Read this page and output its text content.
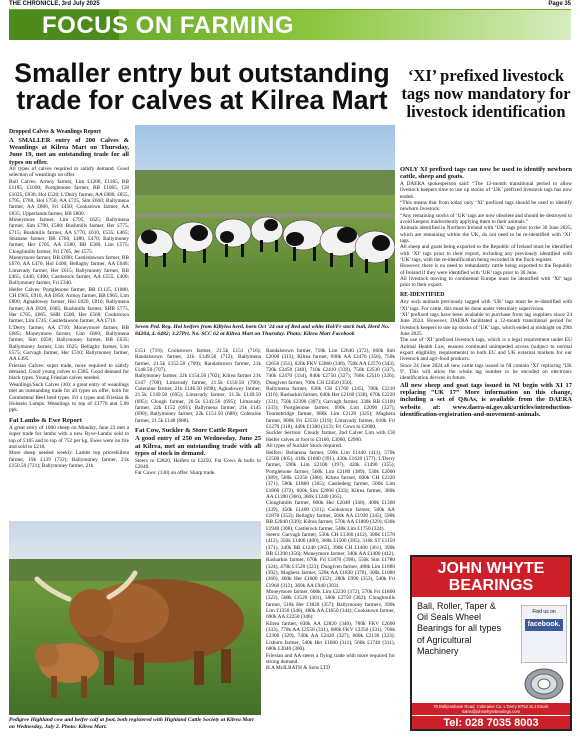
THE CHRONICLE, 3rd July 2025	Page 35
FOCUS ON FARMING
Smaller entry but outstanding trade for calves at Kilrea Mart

Dropped Calves & Weanlings Report

A SMALLER entry of 200 Calves & Weanlings at Kilrea Mart on Thursday, June 19, met an outstanding trade for all types on offer.

All types of calves required to satisfy demand. Good selection of weanlings on offer.

Bull Calves: Armoy farmer, Lim £1200, £1185, BB £1185, £1090; Portglenone farmer, BB £1065, CH £1025, £830; Hol £520; L'Derry farmer, AA £880, £855, £795, £760, Hol £750, AA £725, Sim £600; Ballymena farmer, AA £860, Fri £450; Cookstown farmer, AA £835; Upperlands farmer, BB £800.

Moneymore farmer, Lim £795, £625; Ballymena farmer, Sim £790, £580; Bushmills farmer, Her £775, £715; Bushmills farmer, AA £770, £610, £535, £465; Strabane farmer, BB £760, £480, £470; Ballymoney farmer, Her £705, AA £580, BB £580, Lim £575; Cloughmills farmer, Fri £705, Jer £575.

Moneymore farmer, BB £690; Castledawson farmer, BB £670, AA £470, Hol £400; Bellaghy farmer, AA £640; Limavady farmer, Her £615; Ballymoney farmer, BB £465, £440, £400; Castlerock farmer, AA £555, £400; Ballymoney farmer, Fri £340.

Heifer Calves: Portglenone farmer, BB £1125, £1080, CH £965, £910, AA £850; Armoy farmer, BB £965, Lim £800; Aghadowey farmer, Hol £820, £810; Ballymena farmer, AA £820, £685; Bushmills farmer, SHB £775, Her £705, £665, SHB £500, Her £560; Cookstown farmer, Lim £745; Castledawson farmer, AA £710.

L'Derry farmer, AA £710; Moneymore farmer, BB £685; Moneymore farmer, Lim £660; Ballymena farmer, Sim £650; Ballymoney farmer, BB £635; Ballymoney farmer, Lim £625; Bellaghy farmer, Lim £575; Garvagh farmer, Her £510; Ballymoney farmer, AA £495.

Friesian Calves: super trade, more required to satisfy demand. Good young calves to £385. Good demand for black types. Young Friesian calves needed.

Weanlings/Suck Calves (30): a great entry of weanlings met an outstanding trade for all types on offer, both for Continental Beef bred types. Fri x types and Friesian & Holstein Lumps. Weanlings to top of £1770 and 5.06 ppk.

Fat Lambs & Ewe Report

A great entry of 1000 sheep on Monday, June 23 met a super trade for lambs with a new Ryve-Lambs sold to top of £165 and to top of 752 per kg. Ewes were on fire and sold to £218.

More sheep needed weekly. Lambs top pricesKilrea farmer, 19k £139 (732); Ballymoney farmer, 21k £150.50 (721); Ballymoney farmer, 21k

Seven Ped. Reg. Hol heifers from Killylea herd, born Oct '24 out of Red and white Hol/Fr stock bull, Herd No. 84204, 4. 6482; 3.27Pri. No. SCC 62 at Kilrea Mart on Thursday. Photo: Kilrea Mart Facebook

£151 (719); Cookstown farmer, 21.5k £151 (716); Randalstown farmer, 21k £149.50 (712); Ballymena farmer, 21.5k £152.50 (709); Randalstown farmer, 21k £148.50 (707).

Ballymoney farmer, 22k £154.50 (702); Kilrea farmer 21k £147 (700); Limavady farmer, 21.5k £150.50 (700); Coleraine farmer, 21k £146.50 (698); Aghadowey farmer, 21.5k £149.50 (695); Limavady farmer, 21.5k £149.50 (695); Clough farmer, 20.5k £142.50 (695); Limavady farmer, 22k £152 (691); Ballymena farmer, 21k £145 (690); Ballymoney farmer, 22k £151.50 (688); Coleraine farmer, 21.5k £148 (688).

Fat Cow, Suckler & Store Cattle Report

A good entry of 250 on Wednesday, June 25 at Kilrea, met an outstanding trade with all types of stock in demand.

Steers to £2820, Heifers to £2250, Fat Cows & bulls to £2840.

Fat Cows: (130) on offer. Sharp trade.

Randalstown farmer, 710k Lim £2640 (372), 660k Sim £2000 (313); Kilrea farmer, 690k AA £2470 (358), 750k £2650 (351), 820k FKV £2860 (348), 750k AA £2570 (343), 720k £2450 (340), 710k £2410 (339), 750k £2530 (337), 740k £2470 (334), 840k £2750 (327); 760k £2510 (326); Dungiven farmer, 700k CH £2450 (350).

Ballymena farmer, 630k CH £1760 (345), 700k £2210 (316); Rasharkin farmer, 640k Her £2160 (338), 670k £2220 (331), 750k £2390 (307); Garvagh farmer, 330k BB £1100 (333); Portglenone farmer, 690k Lim £2090 (327); Toomebridge farmer, 680k Lim £2120 (325); Maghera farmer, 800k Fri £2550 (319); Limavady farmer, 810k Fri £1270 (318), 440k £1380 (313); Fri Cows to £2000.

Suckler Section: Cloudy farmer, 2nd Calver Lim with CH Heifer calves at foot to £3100, £3000, £2900.

All types of Suckler Stock required.

Heifers: Bellarena farmer, 590k Lim £1440 (411), 570k £1500 (405), 410k £1600 (391), 430k £1620 (377); L'Derry farmer, 590k Lim £2100 (397), 420k £1490 (355); Portglenone farmer, 560k Lim £2180 (389), 530k £2060 (389), 580k £2250 (388); Kilrea farmer, 600k CH £2320 (371), 580k £1880 (365); Castlederg farmer, 500k Lim £1860 (372), 600k Sim £2000 (333); Kilrea farmer, 380k AA £1390 (366), 380k £1240 (365).

Cloughmills farmer, 600k Her £2040 (340), 400k £1360 (339), 450k £1400 (311); Cookstown farmer, 560k AA £1870 (352); Bellaghy farmer, 560k AA £1930 (345), 590k BB £2040 (339); Kilrea farmer, 570k AA £1880 (329); 630k £1940 (308); Castlerock farmer, 540k Lim £1750 (324).

Steers: Garvagh farmer, 530k CH £1360 (412), 380k £1570 (412), 350k £1400 (400), 380k £1500 (395), 310k ST £1150 (371), 340k BB £1240 (365), 390k CH £1400 (361), 390k BB £1390 (356); Moneymore farmer, 340k AA £1400 (412).

Rasharkin farmer, 670k Fri £1870 (398), 550k Sim £1780 (324), 470k £1520 (323); Dungiven farmer, 480k Lim £1880 (392); Maghera farmer, 520k AA £1830 (370), 300k £1080 (360), 460k Her £1600 (352), 280k £990 (353), 540k Fri £1960 (312), 360k AA £940 (303).

Moneymore farmer, 600k Lim £2230 (372), 570k Fri £1800 (323), 500k £1520 (301), 580k £2750 (302); Cloughmills farmer, 510k Her £1820 (357); Ballymoney farmers, 390k Lim £1350 (346), 480k AA £1650 (344); Cookstown farmer, 690k AA £2250 (346).

Kilrea farmer, 830k AA £2820 (340), 780k FKV £2600 (333), 770k AA £2550 (331), 680k FKV £2250 (331), 700k £2300 (329), 740k AA £2420 (327), 660k £2130 (323); Lisburn farmer, 540k Her £1680 (311), 560k £1740 (311), 680k £2040 (300).

Friesian and AA steers a flying trade with more required for strong demand.

H.A McILRATH & Sons LTD

Pedigree Highland cow and heifer calf at foot, both registered with Highland Cattle Society at Kilrea Mart on Wednesday, July 2. Photo: Kilrea Mart.
‘XI’ prefixed livestock tags now mandatory for livestock identification

ONLY XI prefixed tags can now be used to identify newborn cattle, sheep and goats.

A DAERA spokesperson said: “The 12-month transitional period to allow livestock keepers time to use up stocks of ‘UK’ prefixed livestock tags has now ended.

“This means that from today only ‘XI’ prefixed tags should be used to identify newborn livestock.

“Any remaining stocks of ‘UK’ tags are now obsolete and should be destroyed to avoid keepers inadvertently applying them to their animals.”

Animals identified in Northern Ireland with ‘UK’ tags prior to the 30 June 2025, which are remaining within the UK, do not need to be re-identified with ‘XI’ tags.

All sheep and goats being exported to the Republic of Ireland must be identified with ‘XI’ tags prior to their export, including any previously identified with ‘UK’ tags, with the re-identification being recorded in the flock register.

However, there is no need to redundantly cattle being exported to the Republic of Ireland if they were identified with ‘UK’ tags prior to 30 June.

All livestock moving to continental Europe must be identified with ‘XI’ tags prior to their export.

RE-IDENTIFIED

Any such animals previously tagged with ‘UK’ tags must be re-identified with ‘XI’ tags. For cattle, this must be done under veterinary supervision.

‘XI’ prefixed tags have been available to purchase from tag suppliers since 24 June 2024. However, DAERA facilitated a 12-month transitional period for livestock keepers to use up stocks of ‘UK’ tags, which ended at midnight on 29th June 2025.

The use of ‘XI’ prefixed livestock tags, which is a legal requirement under EU Animal Health Law, ensures continued unimpeded access (subject to normal export eligibility requirements) to both EU and UK external markets for our livestock and agri-food products.

Since 24 June 2024 all new cattle tags issued in NI contain ‘XI’ replacing ‘UK 9’. This will allow the whole tag number to be encoded on electronic identification devices in future.

All new sheep and goat tags issued in NI begin with XI 17 replacing “UK 17” More information on this change, including a set of Q&As, is available from the DAERA website at: www.daera-ni.gov.uk/articles/introduction-identification-registration-and-movement-animals.

JOHN WHYTE BEARINGS
Ball, Roller, Taper & Oil Seals Wheel Bearings for all types of Agricultural Machinery
Find us on
facebook.
78 Ballyrashane Road, Coleraine Co. L'Derry BT52 2LJ Email: sales@johnwhytebearings.com
Tel: 028 7035 8003
